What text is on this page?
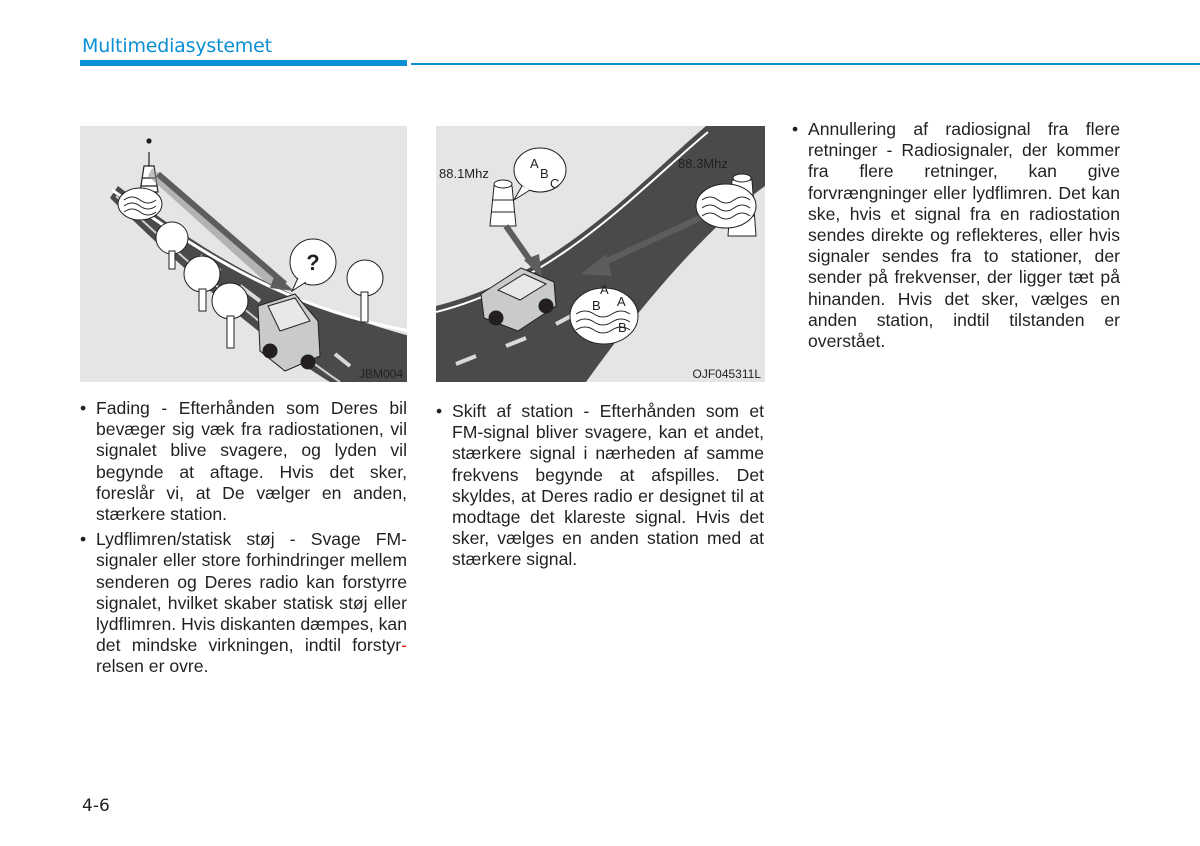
Multimediasystemet
?
JBM004
A
B
C
A
A
B
B
88.1Mhz
88.3Mhz
OJF045311L
• Fading - Efterhånden som Deres bil bevæger sig væk fra radiostationen, vil signalet blive svagere, og lyden vil begynde at aftage. Hvis det sker, foreslår vi, at De vælger en anden, stærkere station.
• Lydflimren/statisk støj - Svage FM-signaler eller store forhindringer mellem senderen og Deres radio kan forstyrre signalet, hvilket skaber statisk støj eller lydflimren. Hvis diskanten dæmpes, kan det mindske virkningen, indtil forstyr-relsen er ovre.
• Skift af station - Efterhånden som et FM-signal bliver svagere, kan et andet, stærkere signal i nærheden af samme frekvens begynde at afspilles. Det skyldes, at Deres radio er designet til at modtage det klareste signal. Hvis det sker, vælges en anden station med at stærkere signal.
• Annullering af radiosignal fra flere retninger - Radiosignaler, der kommer fra flere retninger, kan give forvrængninger eller lydflimren. Det kan ske, hvis et signal fra en radiostation sendes direkte og reflekteres, eller hvis signaler sendes fra to stationer, der sender på frekvenser, der ligger tæt på hinanden. Hvis det sker, vælges en anden station, indtil tilstanden er overstået.
4-6
